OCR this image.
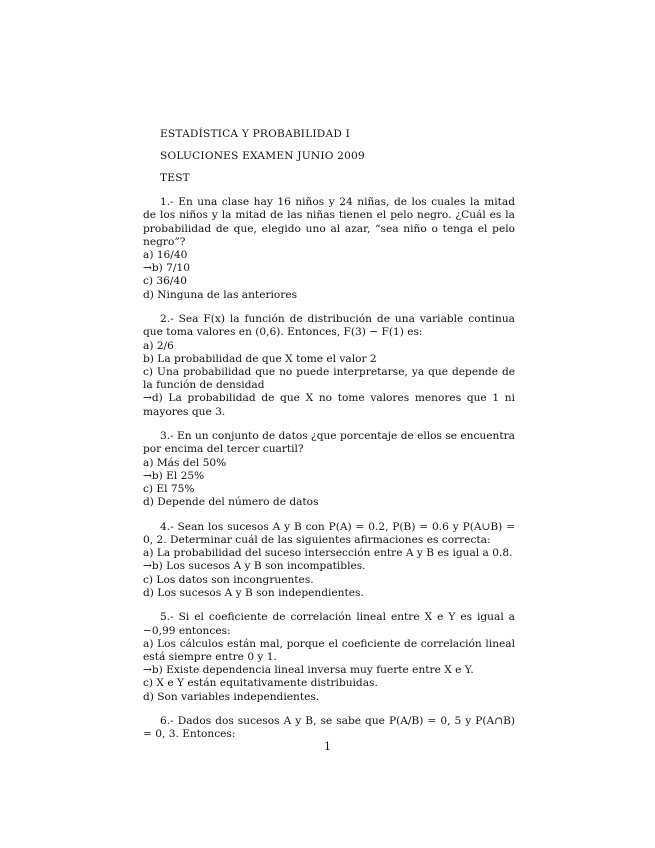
ESTADÍSTICA Y PROBABILIDAD I
SOLUCIONES EXAMEN JUNIO 2009
TEST

1.- En una clase hay 16 niños y 24 niñas, de los cuales la mitad de los niños y la mitad de las niñas tienen el pelo negro. ¿Cuál es la probabilidad de que, elegido uno al azar, “sea niño o tenga el pelo negro”?

a) 16/40

→b) 7/10

c) 36/40

d) Ninguna de las anteriores

2.- Sea F(x) la función de distribución de una variable continua que toma valores en (0,6). Entonces, F(3) − F(1) es:

a) 2/6

b) La probabilidad de que X tome el valor 2

c) Una probabilidad que no puede interpretarse, ya que depende de la función de densidad

→d) La probabilidad de que X no tome valores menores que 1 ni mayores que 3.

3.- En un conjunto de datos ¿que porcentaje de ellos se encuentra por encima del tercer cuartil?

a) Más del 50%

→b) El 25%

c) El 75%

d) Depende del número de datos

4.- Sean los sucesos A y B con P(A) = 0.2, P(B) = 0.6 y P(A∪B) = 0, 2. Determinar cuál de las siguientes afirmaciones es correcta:

a) La probabilidad del suceso intersección entre A y B es igual a 0.8.

→b) Los sucesos A y B son incompatibles.

c) Los datos son incongruentes.

d) Los sucesos A y B son independientes.

5.- Si el coeficiente de correlación lineal entre X e Y es igual a −0,99 entonces:

a) Los cálculos están mal, porque el coeficiente de correlación lineal está siempre entre 0 y 1.

→b) Existe dependencia lineal inversa muy fuerte entre X e Y.

c) X e Y están equitativamente distribuidas.

d) Son variables independientes.

6.- Dados dos sucesos A y B, se sabe que P(A/B) = 0, 5 y P(A∩B) = 0, 3. Entonces:

1
